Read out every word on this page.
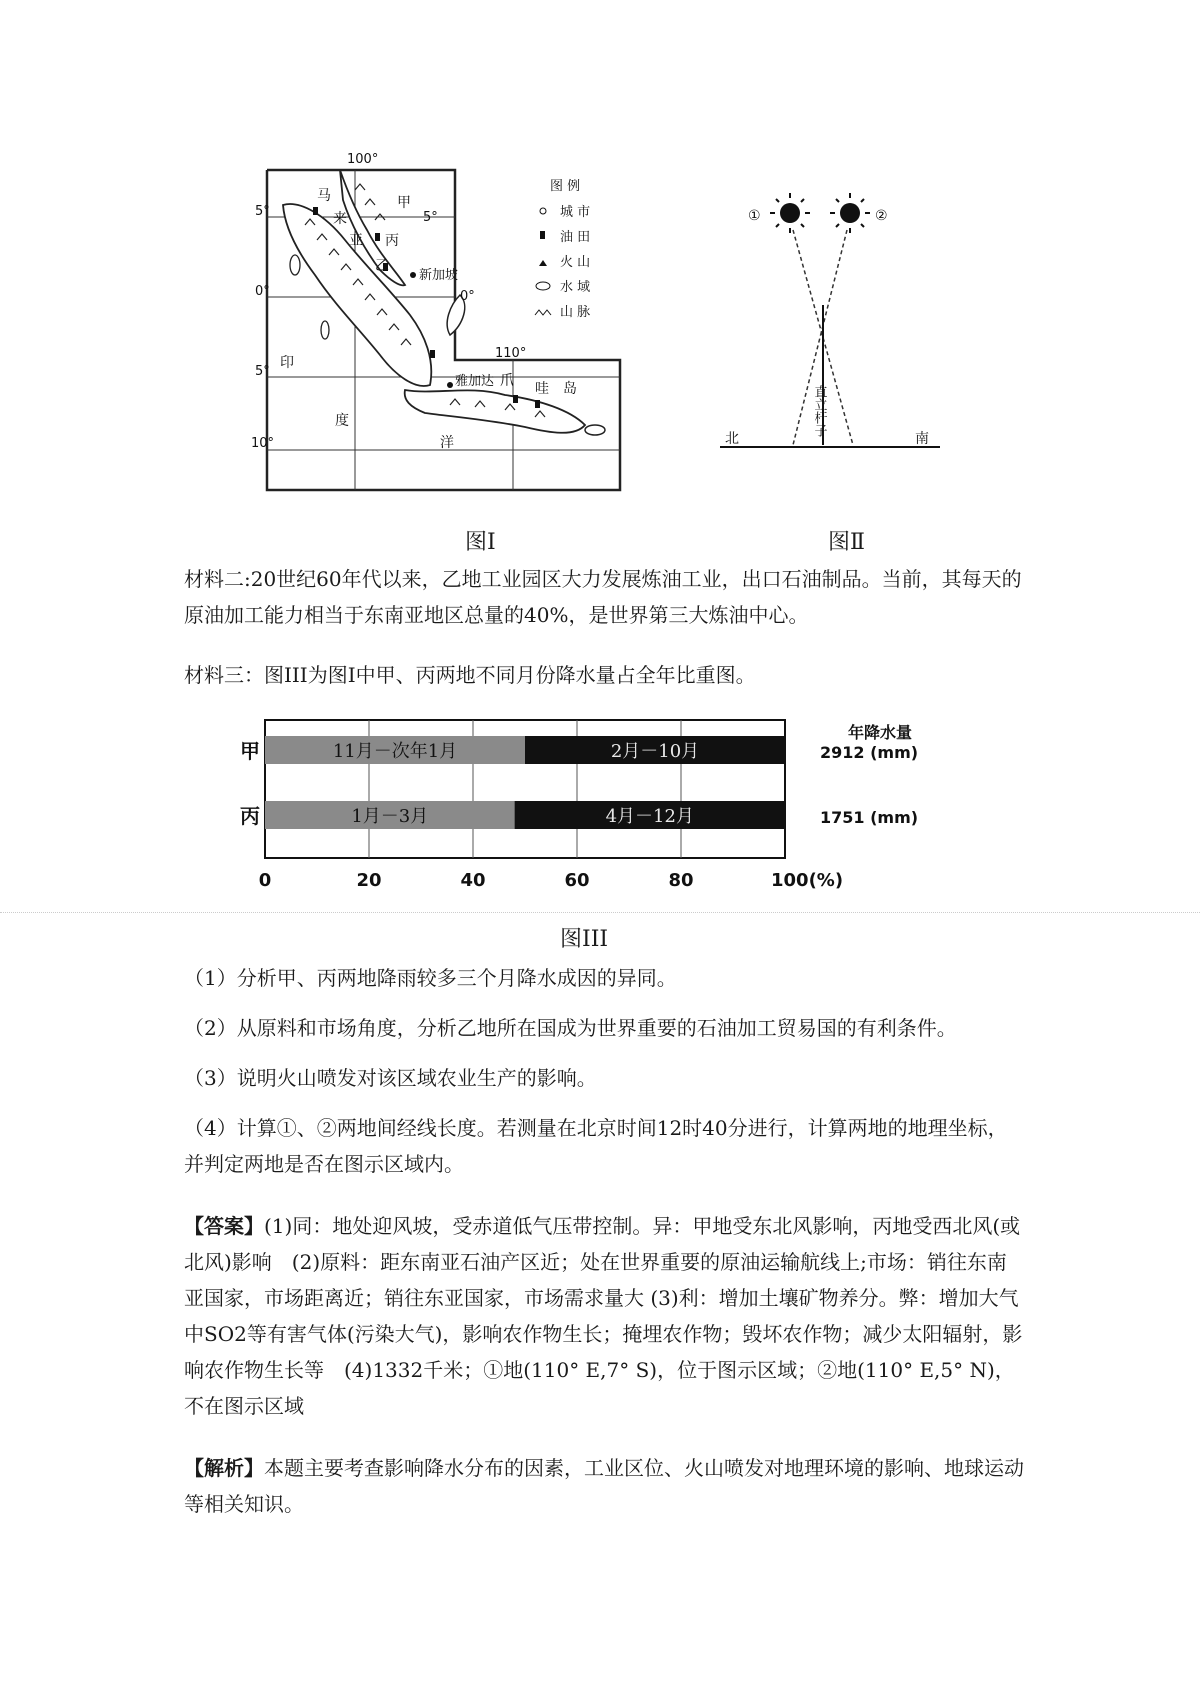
100°
110°
5°	5°
0°	0°
5°
10°
马
来
亚
甲
丙
乙
新加坡
印
度
洋
雅加达 爪 哇 岛
图 例
城 市
油 田
火 山
水 域
山 脉
①	②
直立杆子
北	南
图Ⅰ	图Ⅱ

材料二:20世纪60年代以来，乙地工业园区大力发展炼油工业，出口石油制品。当前，其每天的原油加工能力相当于东南亚地区总量的40%，是世界第三大炼油中心。

材料三：图III为图I中甲、丙两地不同月份降水量占全年比重图。

年降水量
11月－次年1月	2月－10月
甲	2912 (mm)
1月－3月	4月－12月
丙	1751 (mm)
0	20	40	60	80	100(%)
图III

（1）分析甲、丙两地降雨较多三个月降水成因的异同。

（2）从原料和市场角度，分析乙地所在国成为世界重要的石油加工贸易国的有利条件。

（3）说明火山喷发对该区域农业生产的影响。

（4）计算①、②两地间经线长度。若测量在北京时间12时40分进行，计算两地的地理坐标，并判定两地是否在图示区域内。

【答案】(1)同：地处迎风坡，受赤道低气压带控制。异：甲地受东北风影响，丙地受西北风(或北风)影响　(2)原料：距东南亚石油产区近；处在世界重要的原油运输航线上;市场：销往东南亚国家，市场距离近；销往东亚国家，市场需求量大 (3)利：增加土壤矿物养分。弊：增加大气中SO2等有害气体(污染大气)，影响农作物生长；掩埋农作物；毁坏农作物；减少太阳辐射，影响农作物生长等　(4)1332千米；①地(110° E,7° S)，位于图示区域；②地(110° E,5° N)，不在图示区域

【解析】本题主要考查影响降水分布的因素，工业区位、火山喷发对地理环境的影响、地球运动等相关知识。
